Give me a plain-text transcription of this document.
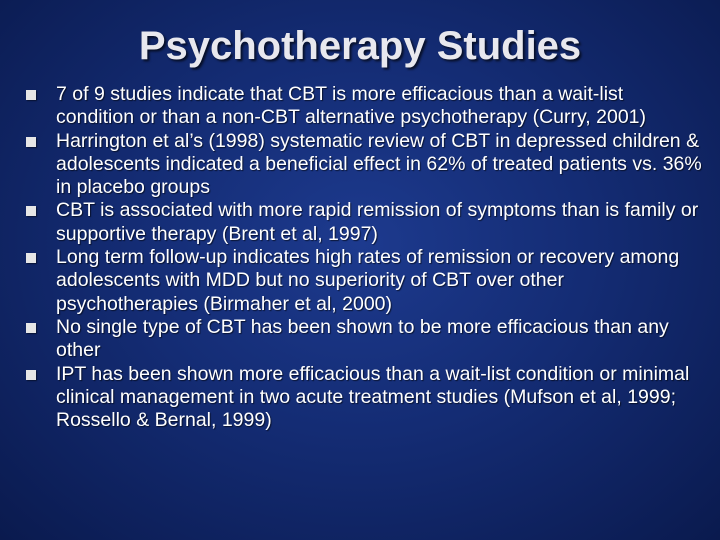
Psychotherapy Studies
7 of 9 studies indicate that CBT is more efficacious than a wait-list condition or than a non-CBT alternative psychotherapy (Curry, 2001)
Harrington et al’s (1998) systematic review of CBT in depressed children & adolescents indicated a beneficial effect in 62% of treated patients vs. 36% in placebo groups
CBT is associated with more rapid remission of symptoms than is family or supportive therapy (Brent et al, 1997)
Long term follow-up indicates high rates of remission or recovery among adolescents with MDD but no superiority of CBT over other psychotherapies (Birmaher et al, 2000)
No single type of CBT has been shown to be more efficacious than any other
IPT has been shown more efficacious than a wait-list condition or minimal clinical management in two acute treatment studies (Mufson et al, 1999; Rossello & Bernal, 1999)
